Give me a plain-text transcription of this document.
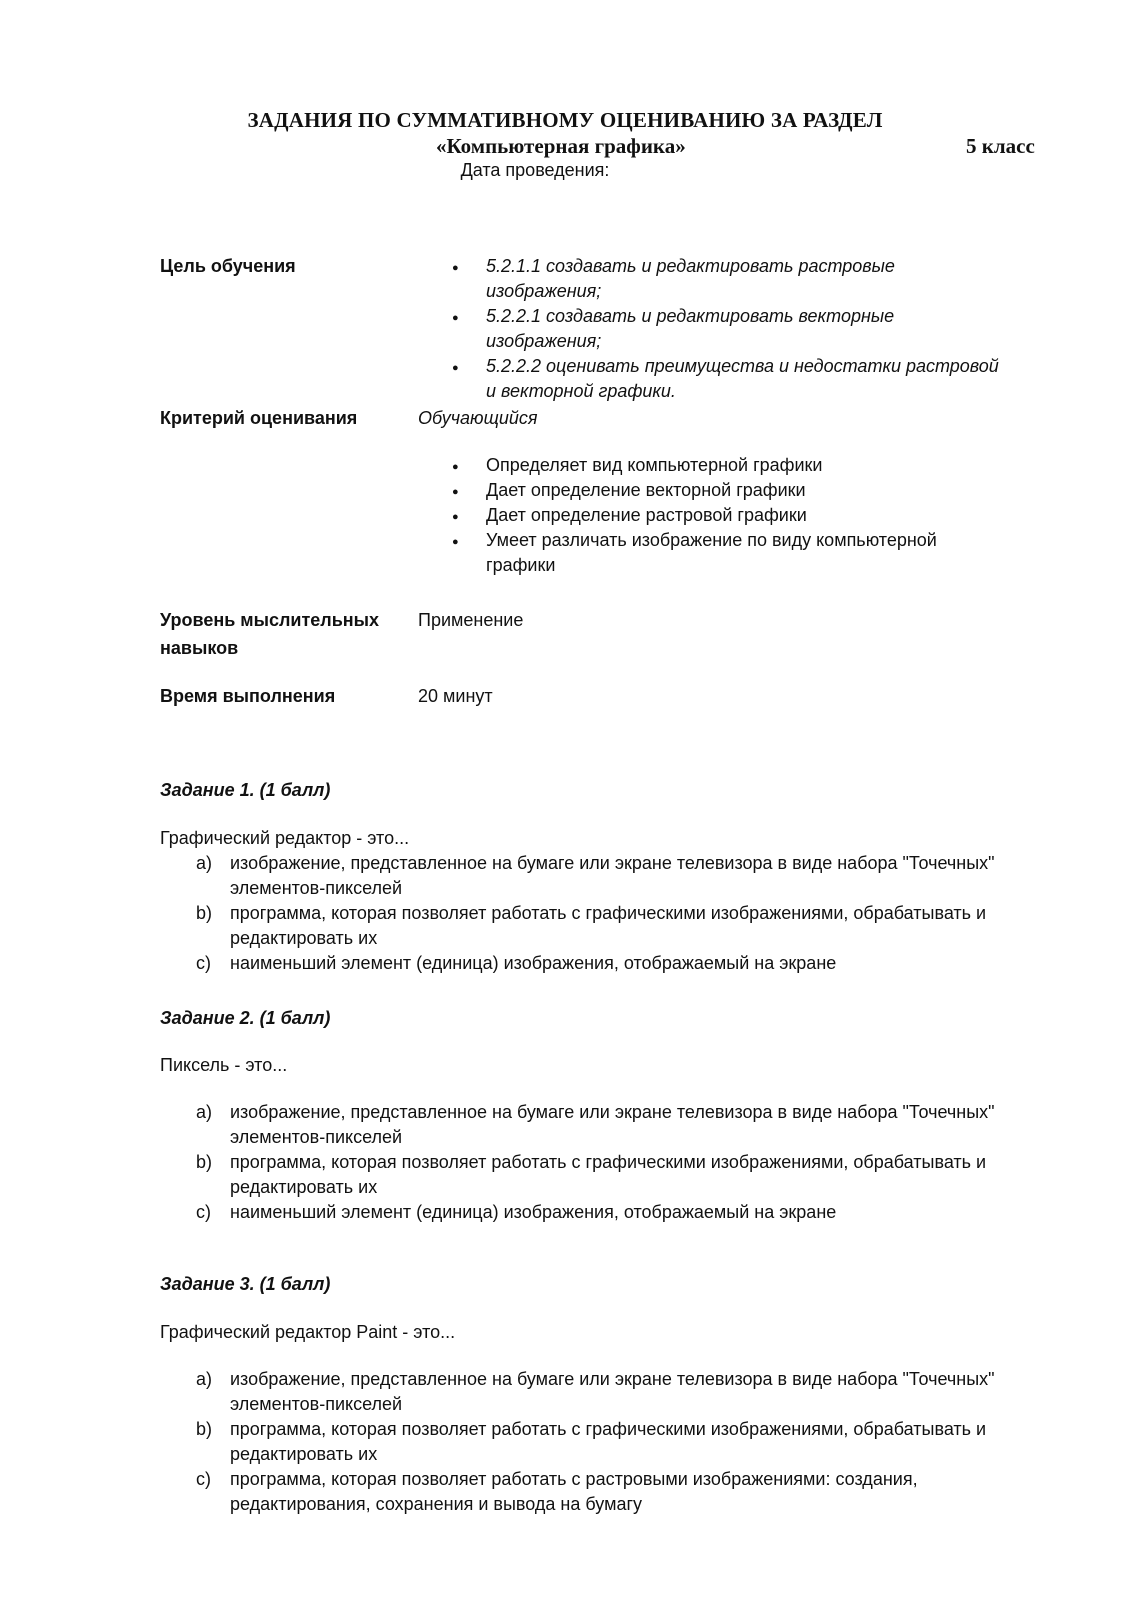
ЗАДАНИЯ ПО СУММАТИВНОМУ ОЦЕНИВАНИЮ ЗА РАЗДЕЛ
«Компьютерная графика»	5 класс
Дата проведения:
Цель обучения
●	5.2.1.1 создавать и редактировать растровые
изображения;
●
5.2.2.1 создавать и редактировать векторные
изображения;
●
5.2.2.2 оценивать преимущества и недостатки растровой
и векторной графики.
Критерий оценивания	Обучающийся
●
Определяет вид компьютерной графики
●
Дает определение векторной графики
●
Дает определение растровой графики
●
Умеет различать изображение по виду компьютерной
графики
Уровень мыслительных
навыков
Применение
Время выполнения	20 минут
Задание 1. (1 балл)
Графический редактор - это...
a) изображение, представленное на бумаге или экране телевизора в виде набора "Точечных"
элементов-пикселей
b) программа, которая позволяет работать с графическими изображениями, обрабатывать и
редактировать их
c) наименьший элемент (единица) изображения, отображаемый на экране
Задание 2. (1 балл)
Пиксель - это...
a) изображение, представленное на бумаге или экране телевизора в виде набора "Точечных"
элементов-пикселей
b) программа, которая позволяет работать с графическими изображениями, обрабатывать и
редактировать их
c) наименьший элемент (единица) изображения, отображаемый на экране
Задание 3. (1 балл)
Графический редактор Paint - это...
a) изображение, представленное на бумаге или экране телевизора в виде набора "Точечных"
элементов-пикселей
b) программа, которая позволяет работать с графическими изображениями, обрабатывать и
редактировать их
c) программа, которая позволяет работать с растровыми изображениями: создания,
редактирования, сохранения и вывода на бумагу
